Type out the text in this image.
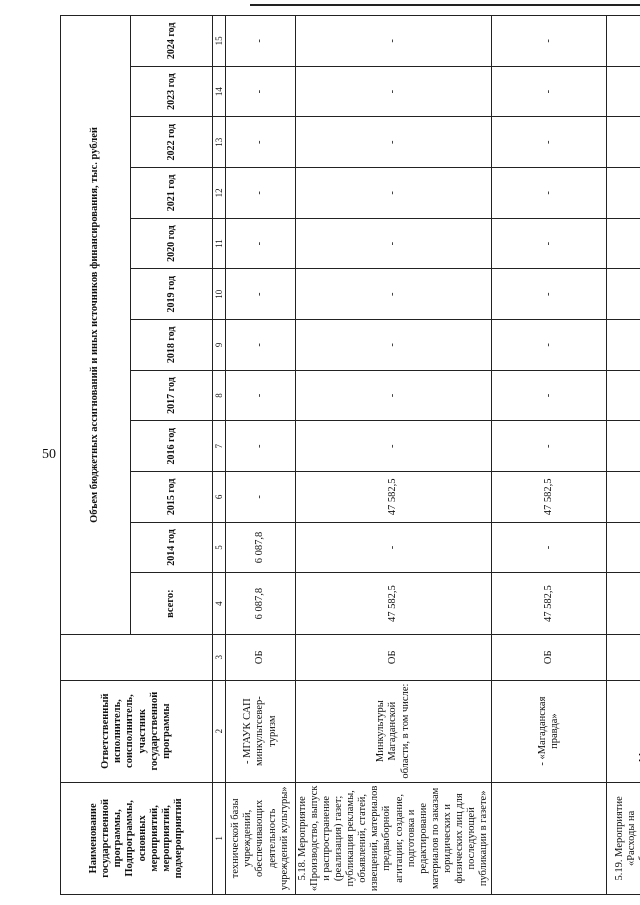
50
Наименование государственной программы, Подпрограммы, основных мероприятий, мероприятий, подмероприятий	Ответственный исполнитель, соисполнитель, участник государственной программы		Объем бюджетных ассигнований и иных источников финансирования, тыс. рублей											
			всего:	2014 год	2015 год	2016 год	2017 год	2018 год	2019 год	2020 год	2021 год	2022 год	2023 год	2024 год
1	2	3	4	5	6	7	8	9	10	11	12	13	14	15
технической базы учреждений, обеспечивающих деятельность учреждений культуры»	- МГАУК САП минкультсевер-туризм	ОБ	6 087,8	6 087,8	-	-	-	-	-	-	-	-	-	-
5.18. Мероприятие «Производство, выпуск и распространение (реализация) газет; публикация рекламы, объявлений, статей, извещений, материалов предвыборной агитации; создание, подготовка и редактирование материалов по заказам юридических и физических лиц для последующей публикации в газете»	Минкультуры Магаданской области, в том числе:	ОБ	47 582,5	-	47 582,5	-	-	-	-	-	-	-	-	-
	- «Магаданская правда»	ОБ	47 582,5	-	47 582,5	-	-	-	-	-	-	-	-	-
5.19. Мероприятие «Расходы на														
